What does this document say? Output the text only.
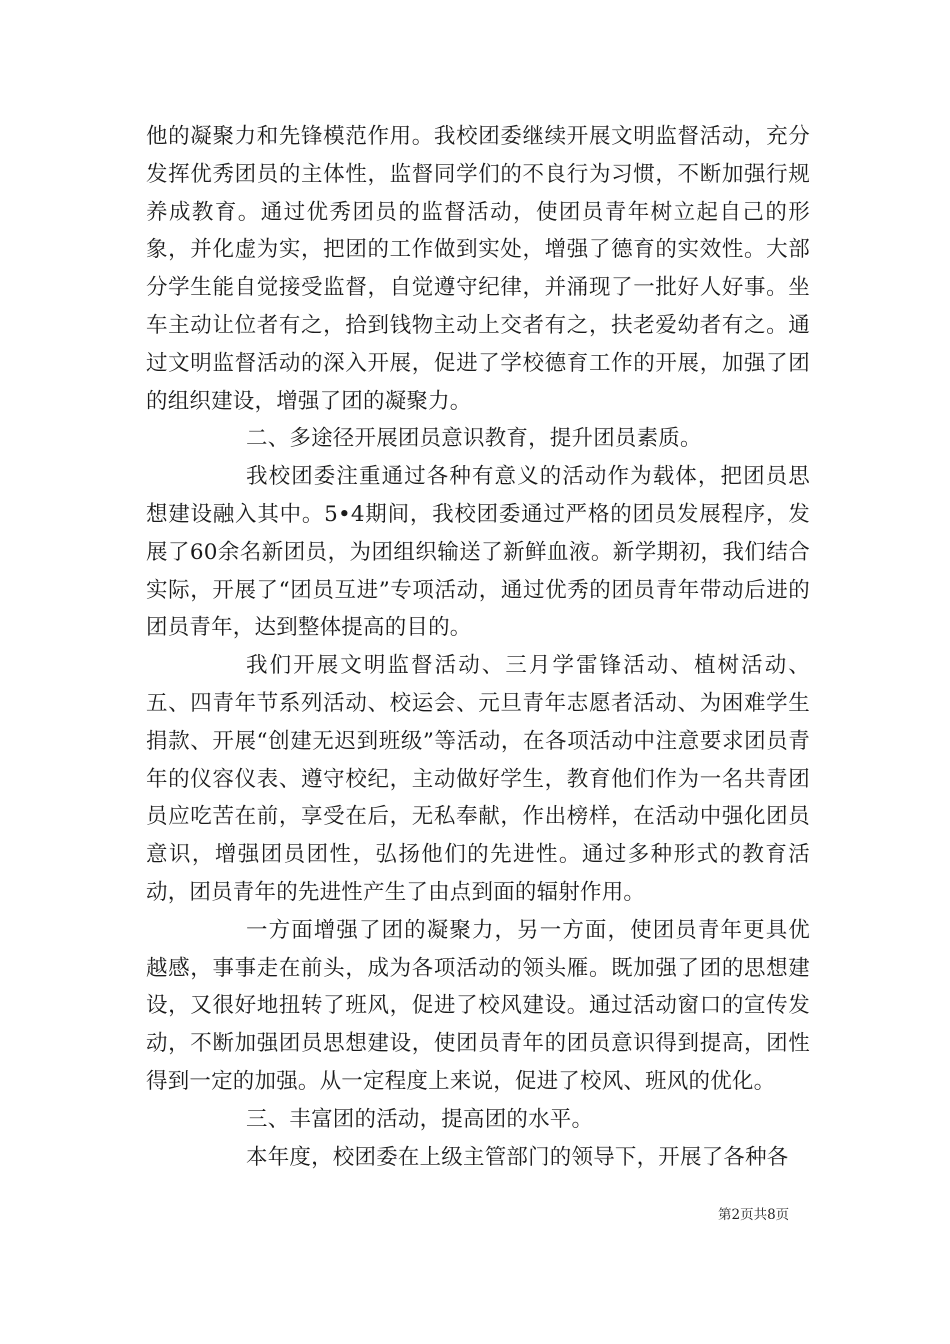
他的凝聚力和先锋模范作用。我校团委继续开展文明监督活动，充分发挥优秀团员的主体性，监督同学们的不良行为习惯，不断加强行规养成教育。通过优秀团员的监督活动，使团员青年树立起自己的形象，并化虚为实，把团的工作做到实处，增强了德育的实效性。大部分学生能自觉接受监督，自觉遵守纪律，并涌现了一批好人好事。坐车主动让位者有之，拾到钱物主动上交者有之，扶老爱幼者有之。通过文明监督活动的深入开展，促进了学校德育工作的开展，加强了团的组织建设，增强了团的凝聚力。

二、多途径开展团员意识教育，提升团员素质。

我校团委注重通过各种有意义的活动作为载体，把团员思想建设融入其中。5•4期间，我校团委通过严格的团员发展程序，发展了60余名新团员，为团组织输送了新鲜血液。新学期初，我们结合实际，开展了“团员互进”专项活动，通过优秀的团员青年带动后进的团员青年，达到整体提高的目的。

我们开展文明监督活动、三月学雷锋活动、植树活动、五、四青年节系列活动、校运会、元旦青年志愿者活动、为困难学生捐款、开展“创建无迟到班级”等活动，在各项活动中注意要求团员青年的仪容仪表、遵守校纪，主动做好学生，教育他们作为一名共青团员应吃苦在前，享受在后，无私奉献，作出榜样，在活动中强化团员意识，增强团员团性，弘扬他们的先进性。通过多种形式的教育活动，团员青年的先进性产生了由点到面的辐射作用。

一方面增强了团的凝聚力，另一方面，使团员青年更具优越感，事事走在前头，成为各项活动的领头雁。既加强了团的思想建设，又很好地扭转了班风，促进了校风建设。通过活动窗口的宣传发动，不断加强团员思想建设，使团员青年的团员意识得到提高，团性得到一定的加强。从一定程度上来说，促进了校风、班风的优化。

三、丰富团的活动，提高团的水平。

本年度，校团委在上级主管部门的领导下，开展了各种各

第2页共8页
